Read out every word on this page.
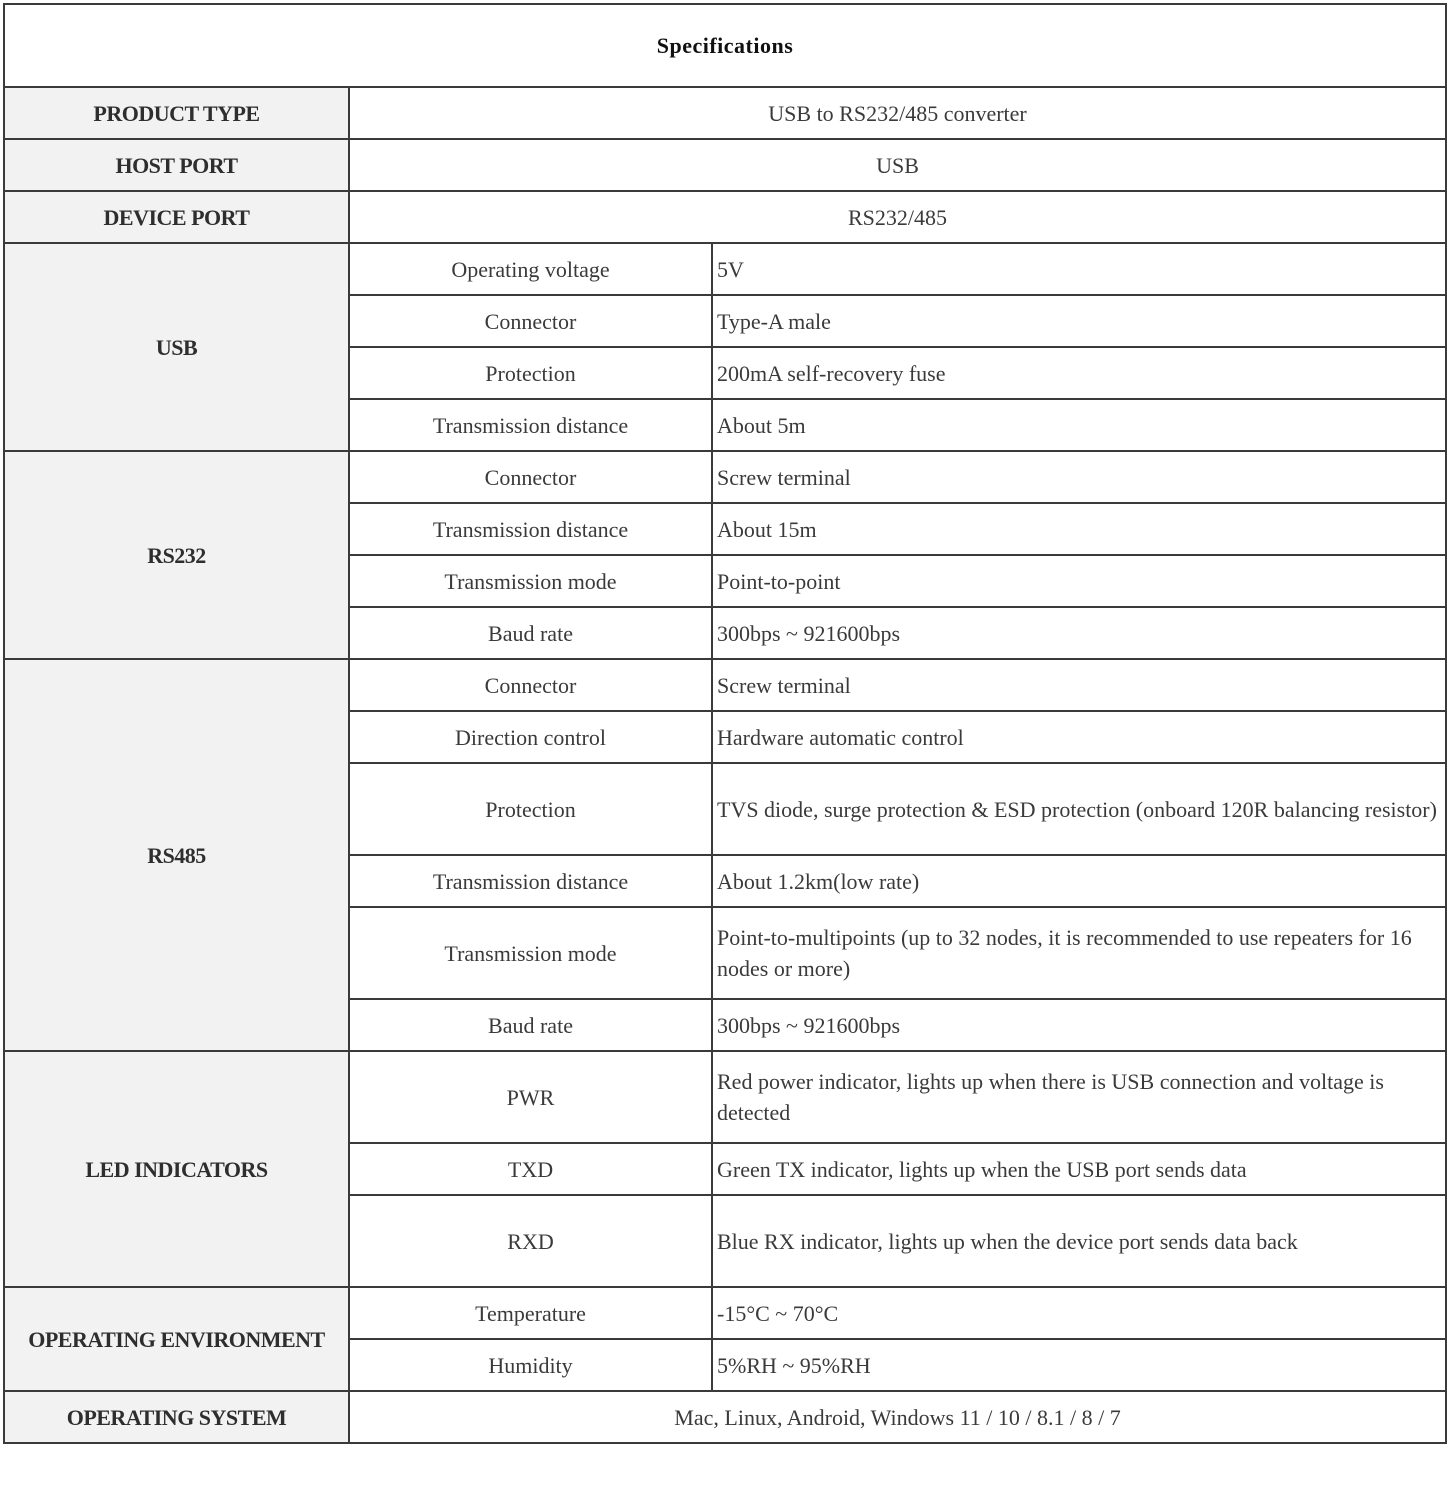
Specifications		
PRODUCT TYPE	USB to RS232/485 converter	
HOST PORT	USB	
DEVICE PORT	RS232/485	
USB	Operating voltage	5V
	Connector	Type-A male
	Protection	200mA self-recovery fuse
	Transmission distance	About 5m
RS232	Connector	Screw terminal
	Transmission distance	About 15m
	Transmission mode	Point-to-point
	Baud rate	300bps ~ 921600bps
RS485	Connector	Screw terminal
	Direction control	Hardware automatic control
	Protection	TVS diode, surge protection & ESD protection (onboard 120R balancing resistor)
	Transmission distance	About 1.2km(low rate)
	Transmission mode	Point-to-multipoints (up to 32 nodes, it is recommended to use repeaters for 16 nodes or more)
	Baud rate	300bps ~ 921600bps
LED INDICATORS	PWR	Red power indicator, lights up when there is USB connection and voltage is detected
	TXD	Green TX indicator, lights up when the USB port sends data
	RXD	Blue RX indicator, lights up when the device port sends data back
OPERATING ENVIRONMENT	Temperature	-15°C ~ 70°C
	Humidity	5%RH ~ 95%RH
OPERATING SYSTEM	Mac, Linux, Android, Windows 11 / 10 / 8.1 / 8 / 7	
